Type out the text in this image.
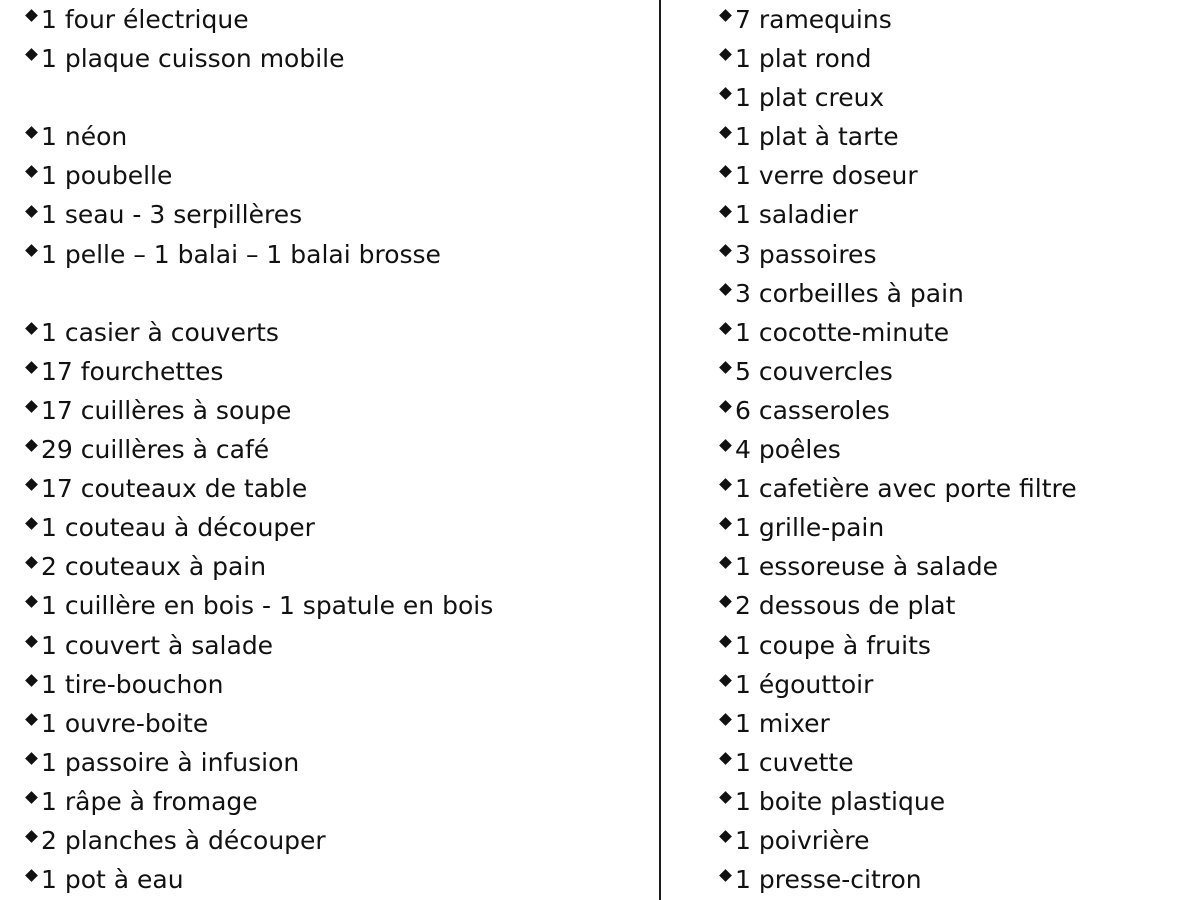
1 four électrique
1 plaque cuisson mobile
1 néon
1 poubelle
1 seau - 3 serpillères
1 pelle – 1 balai – 1 balai brosse
1 casier à couverts
17 fourchettes
17 cuillères à soupe
29 cuillères à café
17 couteaux de table
1 couteau à découper
2 couteaux à pain
1 cuillère en bois - 1 spatule en bois
1 couvert à salade
1 tire-bouchon
1 ouvre-boite
1 passoire à infusion
1 râpe à fromage
2 planches à découper
1 pot à eau
7 ramequins
1 plat rond
1 plat creux
1 plat à tarte
1 verre doseur
1 saladier
3 passoires
3 corbeilles à pain
1 cocotte-minute
5 couvercles
6 casseroles
4 poêles
1 cafetière avec porte filtre
1 grille-pain
1 essoreuse à salade
2 dessous de plat
1 coupe à fruits
1 égouttoir
1 mixer
1 cuvette
1 boite plastique
1 poivrière
1 presse-citron
